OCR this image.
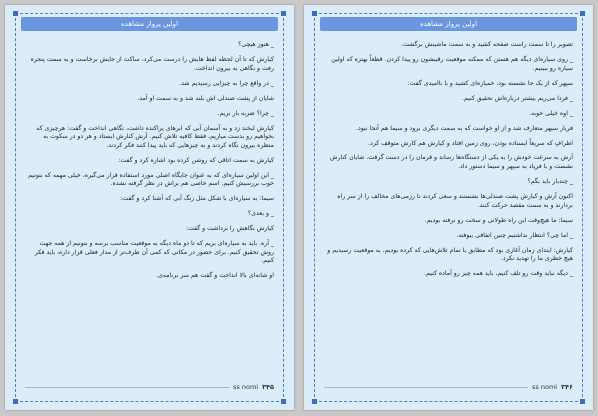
اولین پرواز مشاهده

_ هنوز هیچی؟

کیارش که تا آن لحظه لفظ هایش را درست می‌کرد، ساکت از جایش برخاست و به سمت پنجره رفت و نگاهی به بیرون انداخت.

_ در واقع چرا به چیزایی رسیدیم شد.

شایان از پشت صندلی اش بلند شد و به سمت او آمد.

_ چرا؟ ضربه بار بریم.

کیارش لبخند زد و به آسمان آبی که ابرهای پراکنده داشت، نگاهی انداخت و گفت: هرچیزی که بخواهیم رو بدست میاریم، فقط کافیه تلاش کنیم. آرش کنارش ایستاد و هر دو در سکوت به منظره بیرون نگاه کردند و به چیزهایی که باید پیدا کنند فکر کردند.

کیارش به سمت اتاقی که روشن کرده بود اشاره کرد و گفت:

_ این اولین سیاره‌ای که به عنوان جایگاه اصلی مورد استفاده قرار می‌گیره، خیلی مهمه که بتونیم خوب بررسیش کنیم. اسم خاصی هم براش در نظر گرفته نشده.

سیما: به سیاره‌ای با شکل مثل رنگ آبی که آشنا کرد و گفت:

_ و بعدی؟

کیارش نگاهش را برداشت و گفت:

_ آره. باید به سیاره‌ای بریم که تا دو ماه دیگه به موقعیت مناسب برسه و بتونیم از همه جهت روش تحقیق کنیم. برای حضور در مکانی که کمی آن طرف‌تر از مدار فعلی قرار داره، باید فکر کنیم.

او شانه‌ای بالا انداخت و گفت هم سر برنامه‌ی.

۳۴۵
ss nomi
اولین پرواز مشاهده

تصویر را تا سمت راست صفحه کشید و به سمت ماشینش برگشت.

_ روی سیاره‌ای دیگه هم هستن که ممکنه موقعیت رقیبشون رو پیدا کردن. قطعاً بهتره که اولین سیاره رو ببینیم.

سپهر که از یک جا نشسته بود، خمیازه‌ای کشید و با ناامیدی گفت:

_ فردا می‌ریم بیشتر درباره‌اش تحقیق کنیم.

_ اوه خیلی خوبه.

فریار سپهر متعارف شد و از او خواست که به سمت دیگری برود و سیما هم آنجا نبود.

اطرافِ که سریعاً ایستاده بودن، روی زمین افتاد و کیارش هم کارش متوقف کرد.

آرش به سرعت خودش را به یکی از دستگاه‌ها رساند و فرمان را در دست گرفت. شایان کنارش نشست و با فریاد به سپهر و سیما دستور داد.

_ چندبار باید بگم؟

اکنون آرش و کیارش پشت صندلی‌ها نشستند و سعی کردند تا رزمی‌های مخالف را از سر راه بردارند و به سمت مقصد حرکت کنند.

سیما: ما هیچ‌وقت این راه طولانی و سخت رو نرفته بودیم.

_ اما چی؟ انتظار نداشتیم چنین اتفاقی بیوفته.

کیارش: ابتدای زمان آغازی بود که مطابق با تمام تلاش‌هایی که کرده بودیم، به موقعیت رسیدیم و هیچ خطری ما را تهدید نکرد.

_ دیگه نباید وقت رو تلف کنیم، باید همه چیز رو آماده کنیم.

۳۴۶
ss nomi
